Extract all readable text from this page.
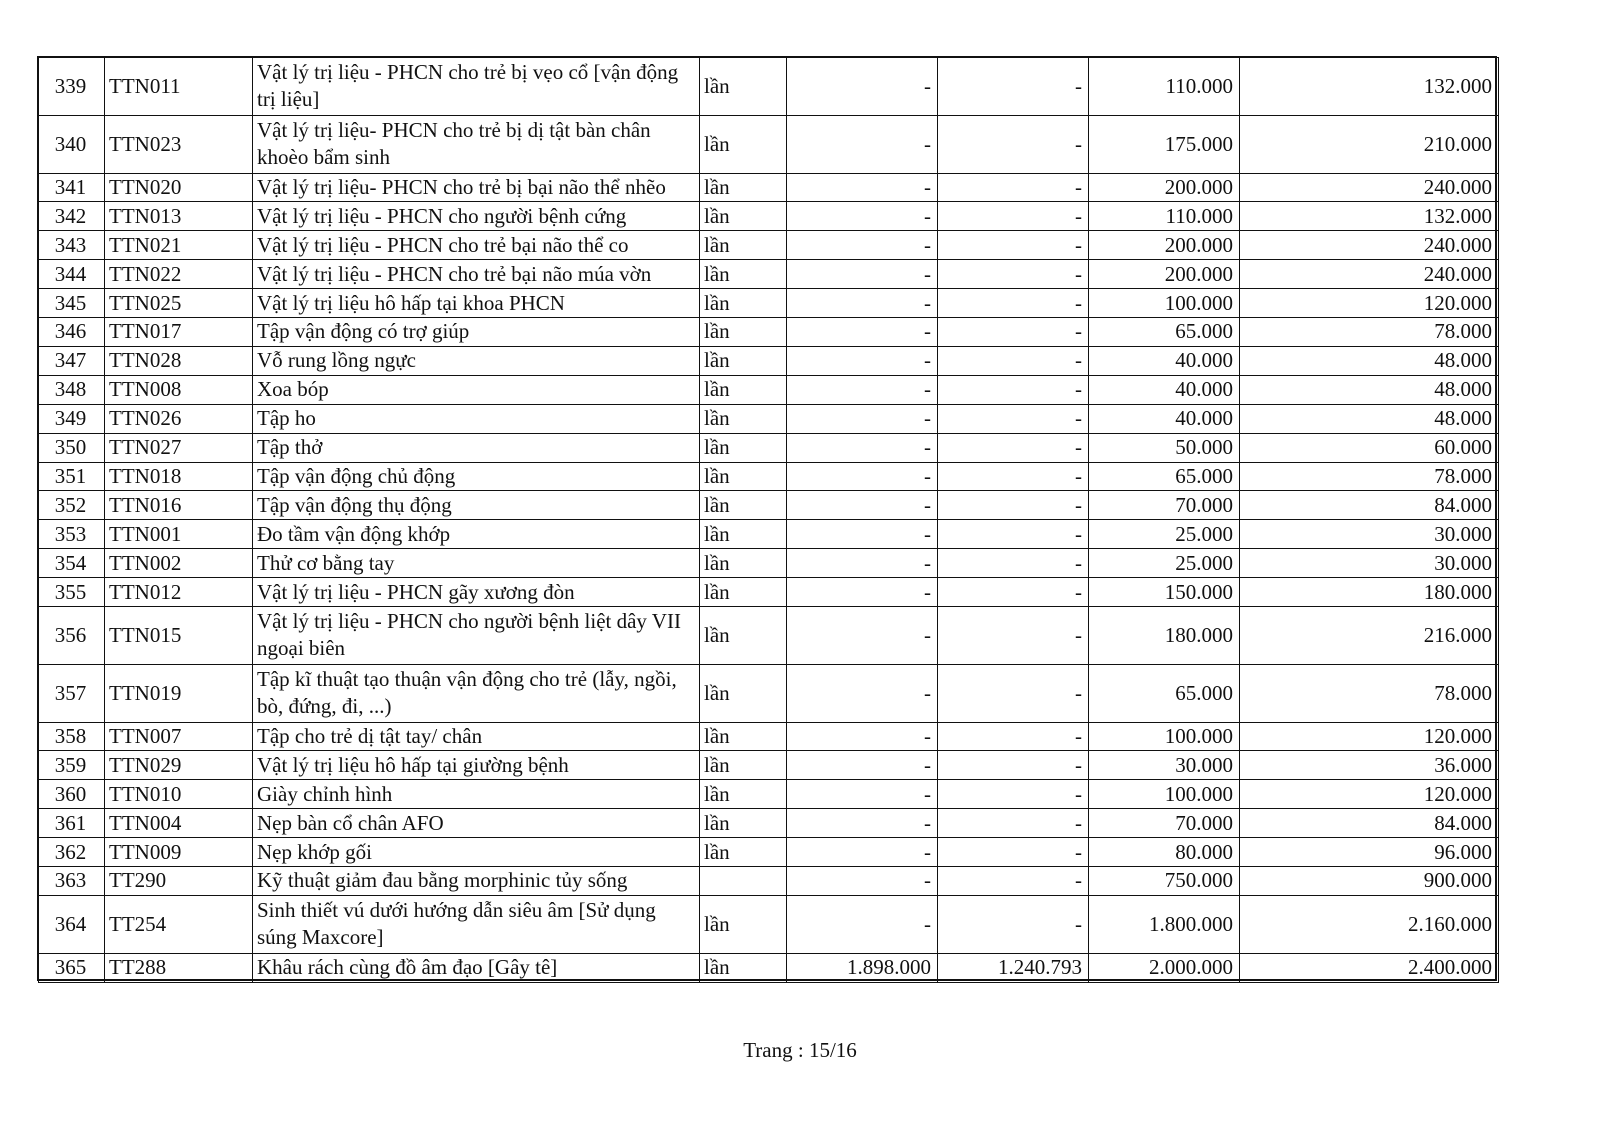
339	TTN011	Vật lý trị liệu - PHCN cho trẻ bị vẹo cổ [vận động trị liệu]	lần	-	-	110.000	132.000
340	TTN023	Vật lý trị liệu- PHCN cho trẻ bị dị tật bàn chân khoèo bẩm sinh	lần	-	-	175.000	210.000
341	TTN020	Vật lý trị liệu- PHCN cho trẻ bị bại não thể nhẽo	lần	-	-	200.000	240.000
342	TTN013	Vật lý trị liệu - PHCN cho người bệnh cứng	lần	-	-	110.000	132.000
343	TTN021	Vật lý trị liệu - PHCN cho trẻ bại não thể co	lần	-	-	200.000	240.000
344	TTN022	Vật lý trị liệu - PHCN cho trẻ bại não múa vờn	lần	-	-	200.000	240.000
345	TTN025	Vật lý trị liệu hô hấp tại khoa PHCN	lần	-	-	100.000	120.000
346	TTN017	Tập vận động có trợ giúp	lần	-	-	65.000	78.000
347	TTN028	Vỗ rung lồng ngực	lần	-	-	40.000	48.000
348	TTN008	Xoa bóp	lần	-	-	40.000	48.000
349	TTN026	Tập ho	lần	-	-	40.000	48.000
350	TTN027	Tập thở	lần	-	-	50.000	60.000
351	TTN018	Tập vận động chủ động	lần	-	-	65.000	78.000
352	TTN016	Tập vận động thụ động	lần	-	-	70.000	84.000
353	TTN001	Đo tầm vận động khớp	lần	-	-	25.000	30.000
354	TTN002	Thử cơ bằng tay	lần	-	-	25.000	30.000
355	TTN012	Vật lý trị liệu - PHCN gãy xương đòn	lần	-	-	150.000	180.000
356	TTN015	Vật lý trị liệu - PHCN cho người bệnh liệt dây VII ngoại biên	lần	-	-	180.000	216.000
357	TTN019	Tập kĩ thuật tạo thuận vận động cho trẻ (lẫy, ngồi, bò, đứng, đi, ...)	lần	-	-	65.000	78.000
358	TTN007	Tập cho trẻ dị tật tay/ chân	lần	-	-	100.000	120.000
359	TTN029	Vật lý trị liệu hô hấp tại giường bệnh	lần	-	-	30.000	36.000
360	TTN010	Giày chỉnh hình	lần	-	-	100.000	120.000
361	TTN004	Nẹp bàn cổ chân AFO	lần	-	-	70.000	84.000
362	TTN009	Nẹp khớp gối	lần	-	-	80.000	96.000
363	TT290	Kỹ thuật giảm đau bằng morphinic tủy sống		-	-	750.000	900.000
364	TT254	Sinh thiết vú dưới hướng dẫn siêu âm [Sử dụng súng Maxcore]	lần	-	-	1.800.000	2.160.000
365	TT288	Khâu rách cùng đồ âm đạo [Gây tê]	lần	1.898.000	1.240.793	2.000.000	2.400.000
Trang : 15/16
